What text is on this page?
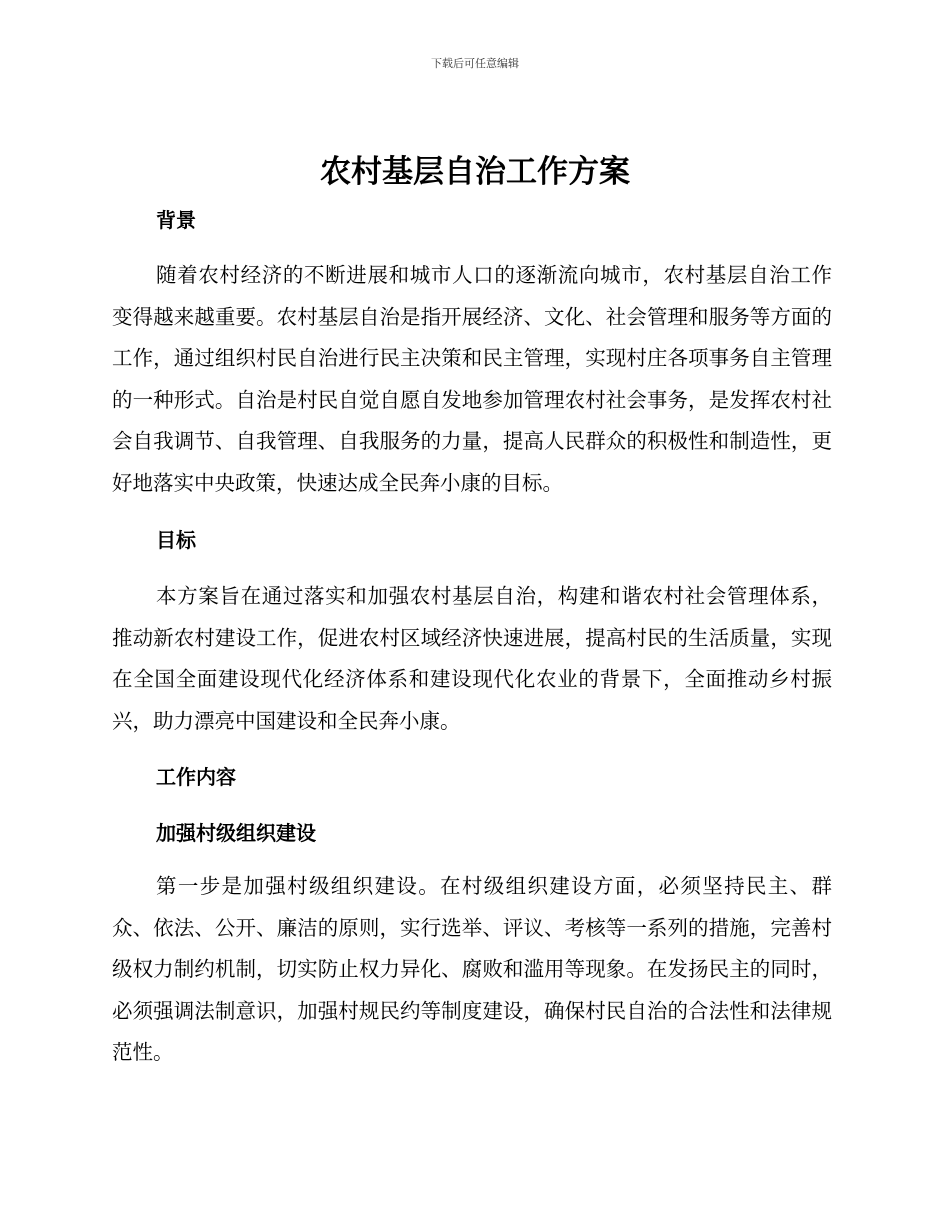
下载后可任意编辑
农村基层自治工作方案
背景
随着农村经济的不断进展和城市人口的逐渐流向城市，农村基层自治工作变得越来越重要。农村基层自治是指开展经济、文化、社会管理和服务等方面的工作，通过组织村民自治进行民主决策和民主管理，实现村庄各项事务自主管理的一种形式。自治是村民自觉自愿自发地参加管理农村社会事务，是发挥农村社会自我调节、自我管理、自我服务的力量，提高人民群众的积极性和制造性，更好地落实中央政策，快速达成全民奔小康的目标。
目标
本方案旨在通过落实和加强农村基层自治，构建和谐农村社会管理体系，推动新农村建设工作，促进农村区域经济快速进展，提高村民的生活质量，实现在全国全面建设现代化经济体系和建设现代化农业的背景下，全面推动乡村振兴，助力漂亮中国建设和全民奔小康。
工作内容
加强村级组织建设
第一步是加强村级组织建设。在村级组织建设方面，必须坚持民主、群众、依法、公开、廉洁的原则，实行选举、评议、考核等一系列的措施，完善村级权力制约机制，切实防止权力异化、腐败和滥用等现象。在发扬民主的同时，必须强调法制意识，加强村规民约等制度建设，确保村民自治的合法性和法律规范性。
